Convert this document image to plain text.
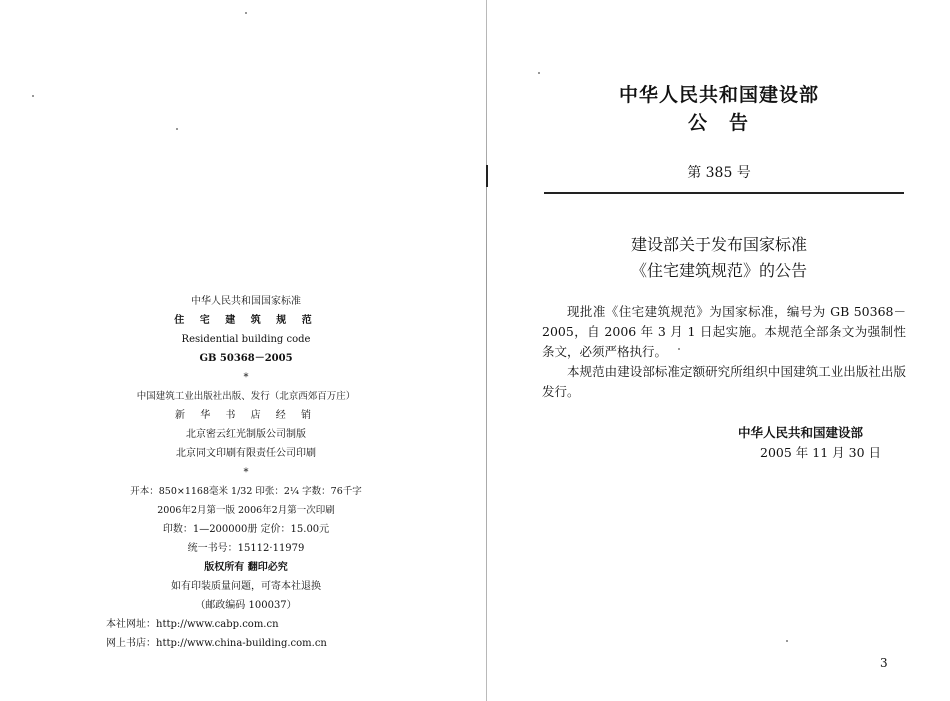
中华人民共和国国家标准
住 宅 建 筑 规 范
Residential building code
GB 50368－2005
*
中国建筑工业出版社出版、发行（北京西郊百万庄）
新 华 书 店 经 销
北京密云红光制版公司制版
北京同文印刷有限责任公司印刷
*
开本：850×1168毫米 1/32 印张：2¼ 字数：76千字
2006年2月第一版 2006年2月第一次印刷
印数：1—200000册 定价：15.00元
统一书号：15112·11979
版权所有 翻印必究
如有印装质量问题，可寄本社退换
（邮政编码 100037）
本社网址：http://www.cabp.com.cn
网上书店：http://www.china-building.com.cn
中华人民共和国建设部
公告
第 385 号
建设部关于发布国家标准
《住宅建筑规范》的公告

现批准《住宅建筑规范》为国家标准，编号为 GB 50368－2005，自 2006 年 3 月 1 日起实施。本规范全部条文为强制性条文，必须严格执行。

本规范由建设部标准定额研究所组织中国建筑工业出版社出版发行。

中华人民共和国建设部
2005 年 11 月 30 日
3
